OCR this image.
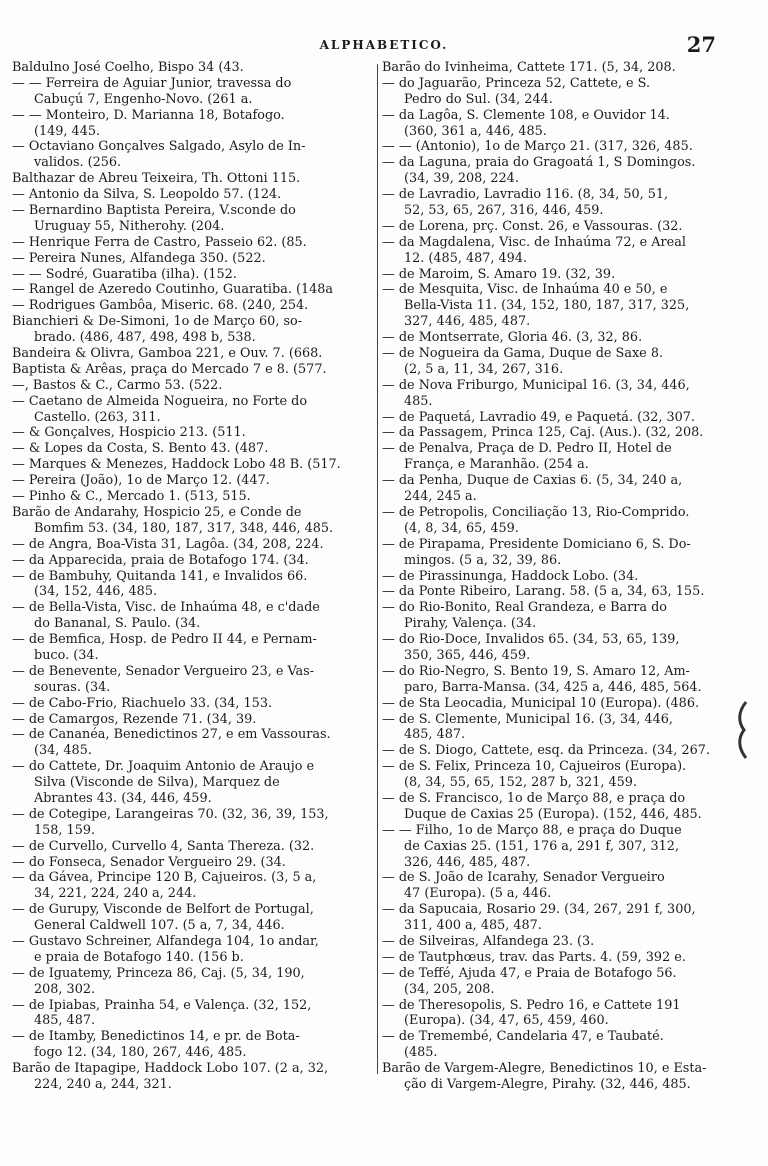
ALPHABETICO.	27
Baldulno José Coelho, Bispo 34 (43.
— — Ferreira de Aguiar Junior, travessa do
Cabuçú 7, Engenho-Novo. (261 a.
— — Monteiro, D. Marianna 18, Botafogo.
(149, 445.
— Octaviano Gonçalves Salgado, Asylo de In-
validos. (256.
Balthazar de Abreu Teixeira, Th. Ottoni 115.
— Antonio da Silva, S. Leopoldo 57. (124.
— Bernardino Baptista Pereira, V.sconde do
Uruguay 55, Nitherohy. (204.
— Henrique Ferra de Castro, Passeio 62. (85.
— Pereira Nunes, Alfandega 350. (522.
— — Sodré, Guaratiba (ilha). (152.
— Rangel de Azeredo Coutinho, Guaratiba. (148a
— Rodrigues Gambôa, Miseric. 68. (240, 254.
Bianchieri & De-Simoni, 1o de Março 60, so-
brado. (486, 487, 498, 498 b, 538.
Bandeira & Olivra, Gamboa 221, e Ouv. 7. (668.
Baptista & Arêas, praça do Mercado 7 e 8. (577.
—, Bastos & C., Carmo 53. (522.
— Caetano de Almeida Nogueira, no Forte do
Castello. (263, 311.
— & Gonçalves, Hospicio 213. (511.
— & Lopes da Costa, S. Bento 43. (487.
— Marques & Menezes, Haddock Lobo 48 B. (517.
— Pereira (João), 1o de Março 12. (447.
— Pinho & C., Mercado 1. (513, 515.
Barão de Andarahy, Hospicio 25, e Conde de
Bomfim 53. (34, 180, 187, 317, 348, 446, 485.
— de Angra, Boa-Vista 31, Lagôa. (34, 208, 224.
— da Apparecida, praia de Botafogo 174. (34.
— de Bambuhy, Quitanda 141, e Invalidos 66.
(34, 152, 446, 485.
— de Bella-Vista, Visc. de Inhaúma 48, e c'dade
do Bananal, S. Paulo. (34.
— de Bemfica, Hosp. de Pedro II 44, e Pernam-
buco. (34.
— de Benevente, Senador Vergueiro 23, e Vas-
souras. (34.
— de Cabo-Frio, Riachuelo 33. (34, 153.
— de Camargos, Rezende 71. (34, 39.
— de Cananéa, Benedictinos 27, e em Vassouras.
(34, 485.
— do Cattete, Dr. Joaquim Antonio de Araujo e
Silva (Visconde de Silva), Marquez de
Abrantes 43. (34, 446, 459.
— de Cotegipe, Larangeiras 70. (32, 36, 39, 153,
158, 159.
— de Curvello, Curvello 4, Santa Thereza. (32.
— do Fonseca, Senador Vergueiro 29. (34.
— da Gávea, Principe 120 B, Cajueiros. (3, 5 a,
34, 221, 224, 240 a, 244.
— de Gurupy, Visconde de Belfort de Portugal,
General Caldwell 107. (5 a, 7, 34, 446.
— Gustavo Schreiner, Alfandega 104, 1o andar,
e praia de Botafogo 140. (156 b.
— de Iguatemy, Princeza 86, Caj. (5, 34, 190,
208, 302.
— de Ipiabas, Prainha 54, e Valença. (32, 152,
485, 487.
— de Itamby, Benedictinos 14, e pr. de Bota-
fogo 12. (34, 180, 267, 446, 485.
Barão de Itapagipe, Haddock Lobo 107. (2 a, 32,
224, 240 a, 244, 321.
Barão do Ivinheima, Cattete 171. (5, 34, 208.
— do Jaguarão, Princeza 52, Cattete, e S.
Pedro do Sul. (34, 244.
— da Lagôa, S. Clemente 108, e Ouvidor 14.
(360, 361 a, 446, 485.
— — (Antonio), 1o de Março 21. (317, 326, 485.
— da Laguna, praia do Gragoatá 1, S Domingos.
(34, 39, 208, 224.
— de Lavradio, Lavradio 116. (8, 34, 50, 51,
52, 53, 65, 267, 316, 446, 459.
— de Lorena, prç. Const. 26, e Vassouras. (32.
— da Magdalena, Visc. de Inhaúma 72, e Areal
12. (485, 487, 494.
— de Maroim, S. Amaro 19. (32, 39.
— de Mesquita, Visc. de Inhaúma 40 e 50, e
Bella-Vista 11. (34, 152, 180, 187, 317, 325,
327, 446, 485, 487.
— de Montserrate, Gloria 46. (3, 32, 86.
— de Nogueira da Gama, Duque de Saxe 8.
(2, 5 a, 11, 34, 267, 316.
— de Nova Friburgo, Municipal 16. (3, 34, 446,
485.
— de Paquetá, Lavradio 49, e Paquetá. (32, 307.
— da Passagem, Princa 125, Caj. (Aus.). (32, 208.
— de Penalva, Praça de D. Pedro II, Hotel de
França, e Maranhão. (254 a.
— da Penha, Duque de Caxias 6. (5, 34, 240 a,
244, 245 a.
— de Petropolis, Conciliação 13, Rio-Comprido.
(4, 8, 34, 65, 459.
— de Pirapama, Presidente Domiciano 6, S. Do-
mingos. (5 a, 32, 39, 86.
— de Pirassinunga, Haddock Lobo. (34.
— da Ponte Ribeiro, Larang. 58. (5 a, 34, 63, 155.
— do Rio-Bonito, Real Grandeza, e Barra do
Pirahy, Valença. (34.
— do Rio-Doce, Invalidos 65. (34, 53, 65, 139,
350, 365, 446, 459.
— do Rio-Negro, S. Bento 19, S. Amaro 12, Am-
paro, Barra-Mansa. (34, 425 a, 446, 485, 564.
— de Sta Leocadia, Municipal 10 (Europa). (486.
— de S. Clemente, Municipal 16. (3, 34, 446,
485, 487.
— de S. Diogo, Cattete, esq. da Princeza. (34, 267.
— de S. Felix, Princeza 10, Cajueiros (Europa).
(8, 34, 55, 65, 152, 287 b, 321, 459.
— de S. Francisco, 1o de Março 88, e praça do
Duque de Caxias 25 (Europa). (152, 446, 485.
— — Filho, 1o de Março 88, e praça do Duque
de Caxias 25. (151, 176 a, 291 f, 307, 312,
326, 446, 485, 487.
— de S. João de Icarahy, Senador Vergueiro
47 (Europa). (5 a, 446.
— da Sapucaia, Rosario 29. (34, 267, 291 f, 300,
311, 400 a, 485, 487.
— de Silveiras, Alfandega 23. (3.
— de Tautphœus, trav. das Parts. 4. (59, 392 e.
— de Teffé, Ajuda 47, e Praia de Botafogo 56.
(34, 205, 208.
— de Theresopolis, S. Pedro 16, e Cattete 191
(Europa). (34, 47, 65, 459, 460.
— de Tremembé, Candelaria 47, e Taubaté.
(485.
Barão de Vargem-Alegre, Benedictinos 10, e Esta-
ção di Vargem-Alegre, Pirahy. (32, 446, 485.
